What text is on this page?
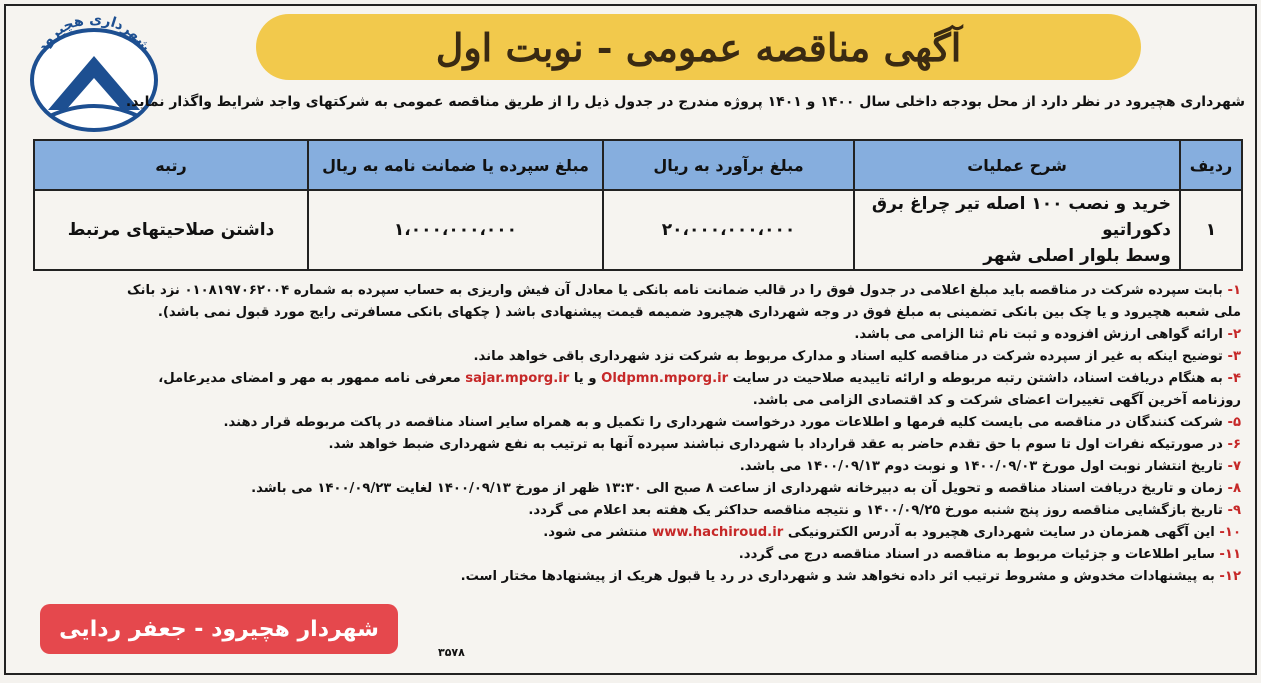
شهرداری هچیرود	آگهی مناقصه عمومی - نوبت اول
شهرداری هچیرود در نظر دارد از محل بودجه داخلی سال ۱۴۰۰ و ۱۴۰۱ پروژه مندرج در جدول ذیل را از طریق مناقصه عمومی به شرکتهای واجد شرایط واگذار نماید.
ردیف	شرح عملیات	مبلغ برآورد به ریال	مبلغ سپرده یا ضمانت نامه به ریال	رتبه
۱	خرید و نصب ۱۰۰ اصله تیر چراغ برق دکوراتیو
وسط بلوار اصلی شهر	۲۰،۰۰۰،۰۰۰،۰۰۰	۱،۰۰۰،۰۰۰،۰۰۰	داشتن صلاحیتهای مرتبط

۱- بابت سپرده شرکت در مناقصه باید مبلغ اعلامی در جدول فوق را در قالب ضمانت نامه بانکی یا معادل آن فیش واریزی به حساب سپرده به شماره ۰۱۰۸۱۹۷۰۶۲۰۰۴ نزد بانک

ملی شعبه هچیرود و یا چک بین بانکی تضمینی به مبلغ فوق در وجه شهرداری هچیرود ضمیمه قیمت پیشنهادی باشد ( چکهای بانکی مسافرتی رایج مورد قبول نمی باشد).

۲- ارائه گواهی ارزش افزوده و ثبت نام ثنا الزامی می باشد.

۳- توضیح اینکه به غیر از سپرده شرکت در مناقصه کلیه اسناد و مدارک مربوط به شرکت نزد شهرداری باقی خواهد ماند.

۴- به هنگام دریافت اسناد، داشتن رتبه مربوطه و ارائه تاییدیه صلاحیت در سایت Oldpmn.mporg.ir و یا sajar.mporg.ir معرفی نامه ممهور به مهر و امضای مدیرعامل،

روزنامه آخرین آگهی تغییرات اعضای شرکت و کد اقتصادی الزامی می باشد.

۵- شرکت کنندگان در مناقصه می بایست کلیه فرمها و اطلاعات مورد درخواست شهرداری را تکمیل و به همراه سایر اسناد مناقصه در پاکت مربوطه قرار دهند.

۶- در صورتیکه نفرات اول تا سوم با حق تقدم حاضر به عقد قرارداد با شهرداری نباشند سپرده آنها به ترتیب به نفع شهرداری ضبط خواهد شد.

۷- تاریخ انتشار نوبت اول مورخ ۱۴۰۰/۰۹/۰۳ و نوبت دوم ۱۴۰۰/۰۹/۱۳ می باشد.

۸- زمان و تاریخ دریافت اسناد مناقصه و تحویل آن به دبیرخانه شهرداری از ساعت ۸ صبح الی ۱۳:۳۰ ظهر از مورخ ۱۴۰۰/۰۹/۱۳ لغایت ۱۴۰۰/۰۹/۲۳ می باشد.

۹- تاریخ بازگشایی مناقصه روز پنج شنبه مورخ ۱۴۰۰/۰۹/۲۵ و نتیجه مناقصه حداکثر یک هفته بعد اعلام می گردد.

۱۰- این آگهی همزمان در سایت شهرداری هچیرود به آدرس الکترونیکی www.hachiroud.ir منتشر می شود.

۱۱- سایر اطلاعات و جزئیات مربوط به مناقصه در اسناد مناقصه درج می گردد.

۱۲- به پیشنهادات مخدوش و مشروط ترتیب اثر داده نخواهد شد و شهرداری در رد یا قبول هریک از پیشنهادها مختار است.

شهردار هچیرود - جعفر ردایی
۳۵۷۸
